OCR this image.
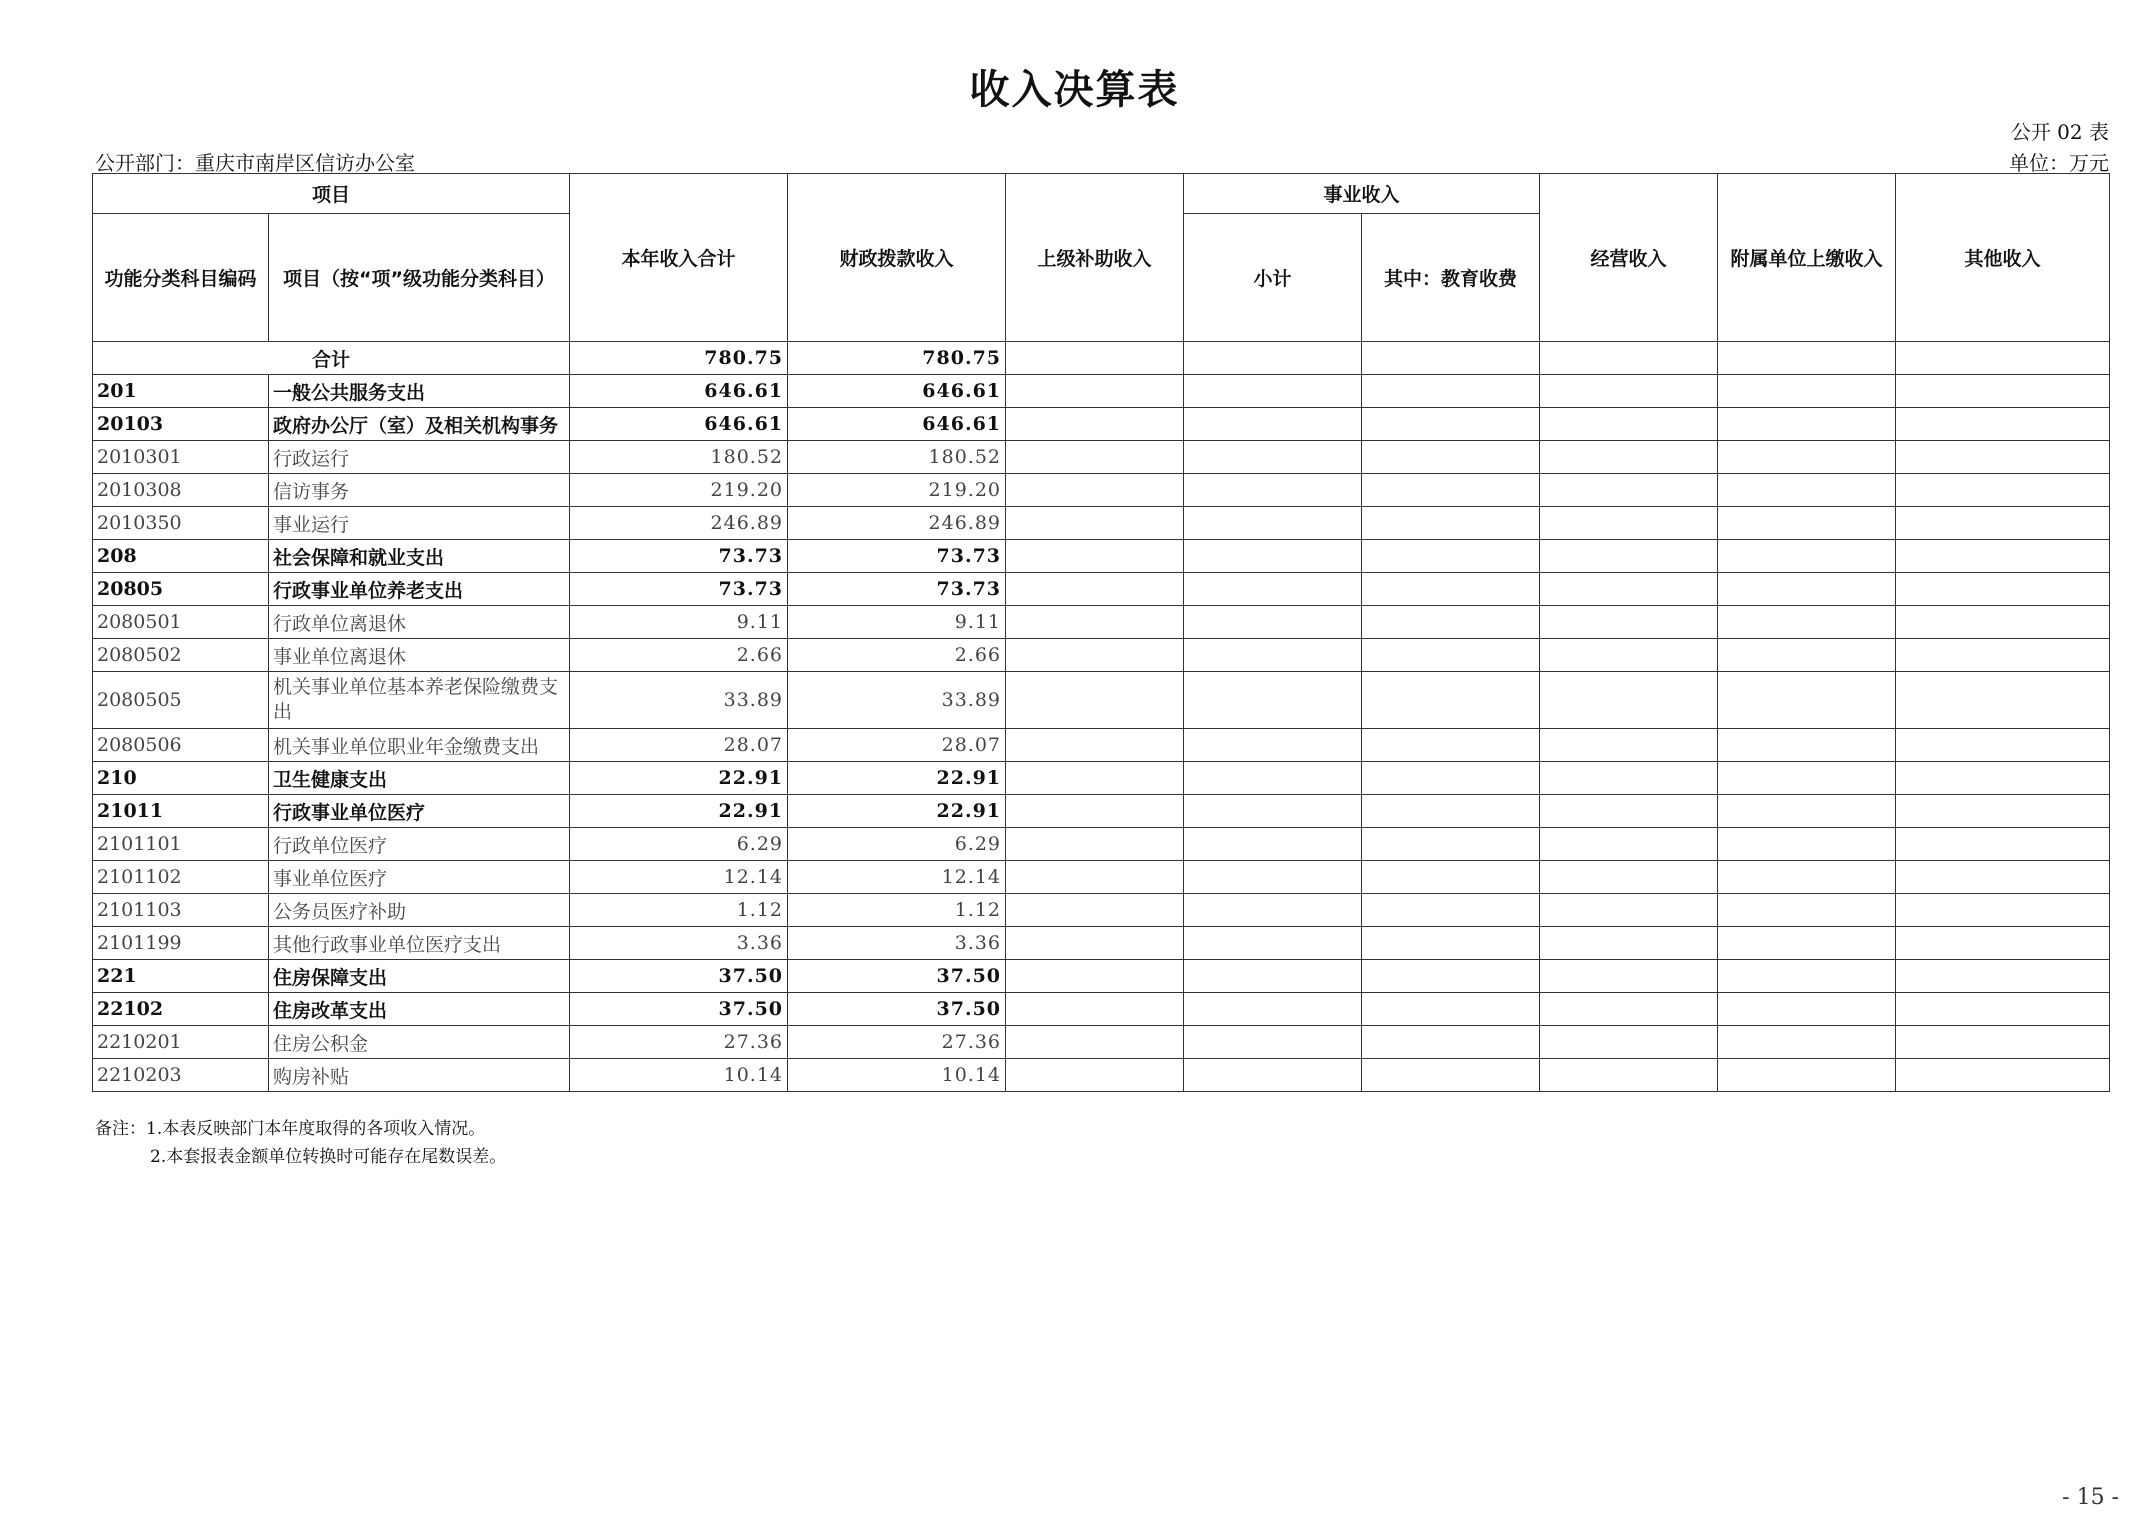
收入决算表
公开 02 表
公开部门：重庆市南岸区信访办公室	单位：万元
项目		本年收入合计	财政拨款收入	上级补助收入	事业收入		经营收入	附属单位上缴收入	其他收入
功能分类科目编码	项目（按“项”级功能分类科目）				小计	其中：教育收费			
合计		780.75	780.75						
201	一般公共服务支出	646.61	646.61						
20103	政府办公厅（室）及相关机构事务	646.61	646.61						
2010301	行政运行	180.52	180.52						
2010308	信访事务	219.20	219.20						
2010350	事业运行	246.89	246.89						
208	社会保障和就业支出	73.73	73.73						
20805	行政事业单位养老支出	73.73	73.73						
2080501	行政单位离退休	9.11	9.11						
2080502	事业单位离退休	2.66	2.66						
2080505	机关事业单位基本养老保险缴费支出	33.89	33.89						
2080506	机关事业单位职业年金缴费支出	28.07	28.07						
210	卫生健康支出	22.91	22.91						
21011	行政事业单位医疗	22.91	22.91						
2101101	行政单位医疗	6.29	6.29						
2101102	事业单位医疗	12.14	12.14						
2101103	公务员医疗补助	1.12	1.12						
2101199	其他行政事业单位医疗支出	3.36	3.36						
221	住房保障支出	37.50	37.50						
22102	住房改革支出	37.50	37.50						
2210201	住房公积金	27.36	27.36						
2210203	购房补贴	10.14	10.14						
备注：1.本表反映部门本年度取得的各项收入情况。
2.本套报表金额单位转换时可能存在尾数误差。
- 15 -
